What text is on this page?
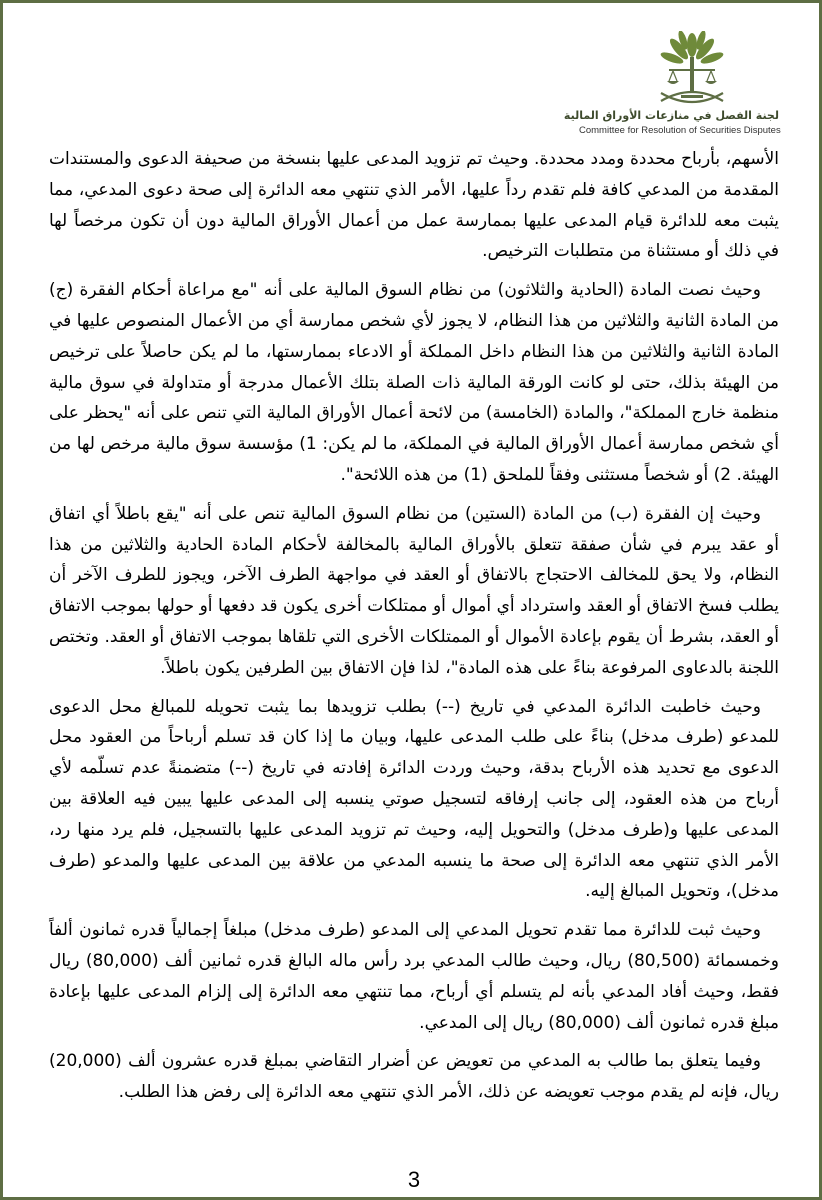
لجنة الفصل في منازعات الأوراق المالية
Committee for Resolution of Securities Disputes

الأسهم، بأرباح محددة ومدد محددة. وحيث تم تزويد المدعى عليها بنسخة من صحيفة الدعوى والمستندات المقدمة من المدعي كافة فلم تقدم رداً عليها، الأمر الذي تنتهي معه الدائرة إلى صحة دعوى المدعي، مما يثبت معه للدائرة قيام المدعى عليها بممارسة عمل من أعمال الأوراق المالية دون أن تكون مرخصاً لها في ذلك أو مستثناة من متطلبات الترخيص.

وحيث نصت المادة (الحادية والثلاثون) من نظام السوق المالية على أنه "مع مراعاة أحكام الفقرة (ج) من المادة الثانية والثلاثين من هذا النظام، لا يجوز لأي شخص ممارسة أي من الأعمال المنصوص عليها في المادة الثانية والثلاثين من هذا النظام داخل المملكة أو الادعاء بممارستها، ما لم يكن حاصلاً على ترخيص من الهيئة بذلك، حتى لو كانت الورقة المالية ذات الصلة بتلك الأعمال مدرجة أو متداولة في سوق مالية منظمة خارج المملكة"، والمادة (الخامسة) من لائحة أعمال الأوراق المالية التي تنص على أنه "يحظر على أي شخص ممارسة أعمال الأوراق المالية في المملكة، ما لم يكن: 1) مؤسسة سوق مالية مرخص لها من الهيئة. 2) أو شخصاً مستثنى وفقاً للملحق (1) من هذه اللائحة".

وحيث إن الفقرة (ب) من المادة (الستين) من نظام السوق المالية تنص على أنه "يقع باطلاً أي اتفاق أو عقد يبرم في شأن صفقة تتعلق بالأوراق المالية بالمخالفة لأحكام المادة الحادية والثلاثين من هذا النظام، ولا يحق للمخالف الاحتجاج بالاتفاق أو العقد في مواجهة الطرف الآخر، ويجوز للطرف الآخر أن يطلب فسخ الاتفاق أو العقد واسترداد أي أموال أو ممتلكات أخرى يكون قد دفعها أو حولها بموجب الاتفاق أو العقد، بشرط أن يقوم بإعادة الأموال أو الممتلكات الأخرى التي تلقاها بموجب الاتفاق أو العقد. وتختص اللجنة بالدعاوى المرفوعة بناءً على هذه المادة"، لذا فإن الاتفاق بين الطرفين يكون باطلاً.

وحيث خاطبت الدائرة المدعي في تاريخ (--) بطلب تزويدها بما يثبت تحويله للمبالغ محل الدعوى للمدعو (طرف مدخل) بناءً على طلب المدعى عليها، وبيان ما إذا كان قد تسلم أرباحاً من العقود محل الدعوى مع تحديد هذه الأرباح بدقة، وحيث وردت الدائرة إفادته في تاريخ (--) متضمنةً عدم تسلّمه لأي أرباح من هذه العقود، إلى جانب إرفاقه لتسجيل صوتي ينسبه إلى المدعى عليها يبين فيه العلاقة بين المدعى عليها و(طرف مدخل) والتحويل إليه، وحيث تم تزويد المدعى عليها بالتسجيل، فلم يرد منها رد، الأمر الذي تنتهي معه الدائرة إلى صحة ما ينسبه المدعي من علاقة بين المدعى عليها والمدعو (طرف مدخل)، وتحويل المبالغ إليه.

وحيث ثبت للدائرة مما تقدم تحويل المدعي إلى المدعو (طرف مدخل) مبلغاً إجمالياً قدره ثمانون ألفاً وخمسمائة (80,500) ريال، وحيث طالب المدعي برد رأس ماله البالغ قدره ثمانين ألف (80,000) ريال فقط، وحيث أفاد المدعي بأنه لم يتسلم أي أرباح، مما تنتهي معه الدائرة إلى إلزام المدعى عليها بإعادة مبلغ قدره ثمانون ألف (80,000) ريال إلى المدعي.

وفيما يتعلق بما طالب به المدعي من تعويض عن أضرار التقاضي بمبلغ قدره عشرون ألف (20,000) ريال، فإنه لم يقدم موجب تعويضه عن ذلك، الأمر الذي تنتهي معه الدائرة إلى رفض هذا الطلب.

3
